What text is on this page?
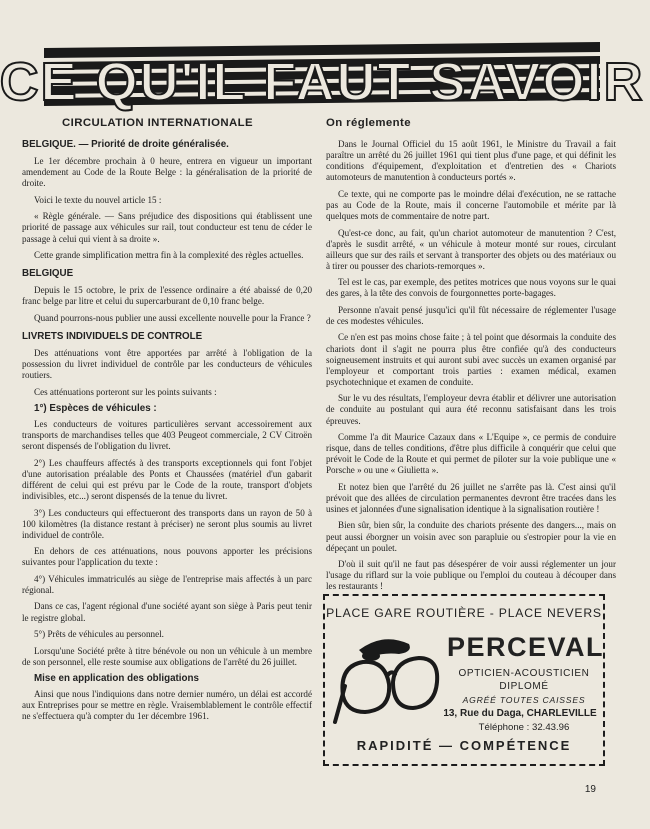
CE QU'IL FAUT SAVOIR
CIRCULATION INTERNATIONALE
BELGIQUE. — Priorité de droite généralisée.

Le 1er décembre prochain à 0 heure, entrera en vigueur un important amendement au Code de la Route Belge : la généralisation de la priorité de droite.

Voici le texte du nouvel article 15 :

« Règle générale. — Sans préjudice des dispositions qui établissent une priorité de passage aux véhicules sur rail, tout conducteur est tenu de céder le passage à celui qui vient à sa droite ».

Cette grande simplification mettra fin à la complexité des règles actuelles.

BELGIQUE

Depuis le 15 octobre, le prix de l'essence ordinaire a été abaissé de 0,20 franc belge par litre et celui du supercarburant de 0,10 franc belge.

Quand pourrons-nous publier une aussi excellente nouvelle pour la France ?

LIVRETS INDIVIDUELS DE CONTROLE

Des atténuations vont être apportées par arrêté à l'obligation de la possession du livret individuel de contrôle par les conducteurs de véhicules routiers.

Ces atténuations porteront sur les points suivants :

1°) Espèces de véhicules :

Les conducteurs de voitures particulières servant accessoirement aux transports de marchandises telles que 403 Peugeot commerciale, 2 CV Citroën seront dispensés de l'obligation du livret.

2°) Les chauffeurs affectés à des transports exceptionnels qui font l'objet d'une autorisation préalable des Ponts et Chaussées (matériel d'un gabarit différent de celui qui est prévu par le Code de la route, transport d'objets indivisibles, etc...) seront dispensés de la tenue du livret.

3°) Les conducteurs qui effectueront des transports dans un rayon de 50 à 100 kilomètres (la distance restant à préciser) ne seront plus soumis au livret individuel de contrôle.

En dehors de ces atténuations, nous pouvons apporter les précisions suivantes pour l'application du texte :

4°) Véhicules immatriculés au siège de l'entreprise mais affectés à un parc régional.

Dans ce cas, l'agent régional d'une société ayant son siège à Paris peut tenir le registre global.

5°) Prêts de véhicules au personnel.

Lorsqu'une Société prête à titre bénévole ou non un véhicule à un membre de son personnel, elle reste soumise aux obligations de l'arrêté du 26 juillet.

Mise en application des obligations

Ainsi que nous l'indiquions dans notre dernier numéro, un délai est accordé aux Entreprises pour se mettre en règle. Vraisemblablement le contrôle effectif ne s'effectuera qu'à compter du 1er décembre 1961.

On réglemente

Dans le Journal Officiel du 15 août 1961, le Ministre du Travail a fait paraître un arrêté du 26 juillet 1961 qui tient plus d'une page, et qui définit les conditions d'équipement, d'exploitation et d'entretien des « Chariots automoteurs de manutention à conducteurs portés ».

Ce texte, qui ne comporte pas le moindre délai d'exécution, ne se rattache pas au Code de la Route, mais il concerne l'automobile et mérite par là quelques mots de commentaire de notre part.

Qu'est-ce donc, au fait, qu'un chariot automoteur de manutention ? C'est, d'après le susdit arrêté, « un véhicule à moteur monté sur roues, circulant ailleurs que sur des rails et servant à transporter des objets ou des matériaux ou à tirer ou pousser des chariots-remorques ».

Tel est le cas, par exemple, des petites motrices que nous voyons sur le quai des gares, à la tête des convois de fourgonnettes porte-bagages.

Personne n'avait pensé jusqu'ici qu'il fût nécessaire de réglementer l'usage de ces modestes véhicules.

Ce n'en est pas moins chose faite ; à tel point que désormais la conduite des chariots dont il s'agit ne pourra plus être confiée qu'à des conducteurs soigneusement instruits et qui auront subi avec succès un examen organisé par l'employeur et comportant trois parties : examen médical, examen psychotechnique et examen de conduite.

Sur le vu des résultats, l'employeur devra établir et délivrer une autorisation de conduite au postulant qui aura été reconnu satisfaisant dans les trois épreuves.

Comme l'a dit Maurice Cazaux dans « L'Equipe », ce permis de conduire risque, dans de telles conditions, d'être plus difficile à conquérir que celui que prévoit le Code de la Route et qui permet de piloter sur la voie publique une « Porsche » ou une « Giulietta ».

Et notez bien que l'arrêté du 26 juillet ne s'arrête pas là. C'est ainsi qu'il prévoit que des allées de circulation permanentes devront être tracées dans les usines et jalonnées d'une signalisation identique à la signalisation routière !

Bien sûr, bien sûr, la conduite des chariots présente des dangers..., mais on peut aussi éborgner un voisin avec son parapluie ou s'estropier pour la vie en dépeçant un poulet.

D'où il suit qu'il ne faut pas désespérer de voir aussi réglementer un jour l'usage du riflard sur la voie publique ou l'emploi du couteau à découper dans les restaurants !

PLACE GARE ROUTIÈRE - PLACE NEVERS
PERCEVAL
OPTICIEN-ACOUSTICIEN
DIPLOMÉ
AGRÉÉ TOUTES CAISSES
13, Rue du Daga, CHARLEVILLE
Téléphone : 32.43.96
RAPIDITÉ — COMPÉTENCE
19
